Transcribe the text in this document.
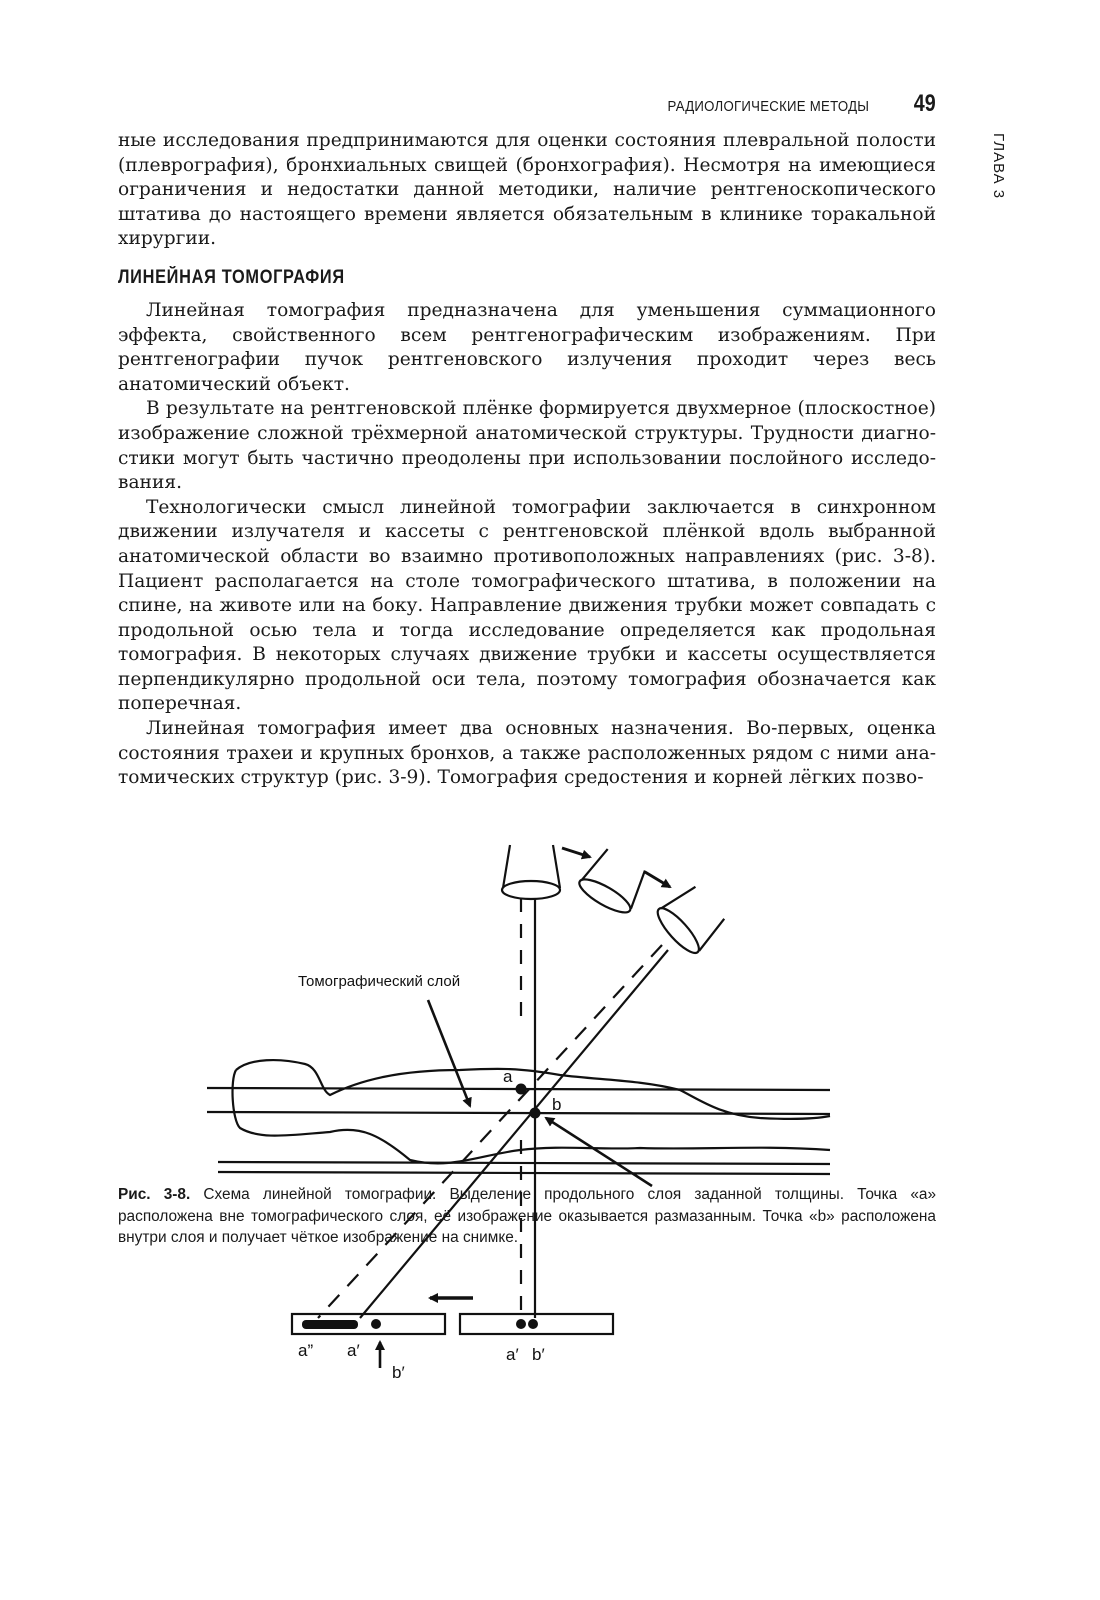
РАДИОЛОГИЧЕСКИЕ МЕТОДЫ 49
ГЛАВА 3

ные исследования предпринимаются для оценки состояния плевральной полости (плеврография), бронхиальных свищей (бронхография). Несмотря на имеющиеся ограничения и недостатки данной методики, наличие рентгеноскопического штатива до настоящего времени является обязательным в клинике торакальной хирургии.

ЛИНЕЙНАЯ ТОМОГРАФИЯ

Линейная томография предназначена для уменьшения суммационного эффекта, свойственного всем рентгенографическим изображениям. При рентгенографии пучок рентгеновского излучения проходит через весь анатомический объект.

В результате на рентгеновской плёнке формируется двухмерное (плоскостное) изображение сложной трёхмерной анатомической структуры. Трудности диагностики могут быть частично преодолены при использовании послойного исследования.

Технологически смысл линейной томографии заключается в синхронном движении излучателя и кассеты с рентгеновской плёнкой вдоль выбранной анатомической области во взаимно противоположных направлениях (рис. 3-8). Пациент располагается на столе томографического штатива, в положении на спине, на животе или на боку. Направление движения трубки может совпадать с продольной осью тела и тогда исследование определяется как продольная томография. В некоторых случаях движение трубки и кассеты осуществляется перпендикулярно продольной оси тела, поэтому томография обозначается как поперечная.

Линейная томография имеет два основных назначения. Во-первых, оценка состояния трахеи и крупных бронхов, а также расположенных рядом с ними анатомических структур (рис. 3-9). Томография средостения и корней лёгких позво-

Томографический слой
a
b
a” a′
b′
a′ b′
Рис. 3-8. Схема линейной томографии. Выделение продольного слоя заданной толщины. Точка «a» расположена вне томографического слоя, её изображение оказывается размазанным. Точка «b» расположена внутри слоя и получает чёткое изображение на снимке.
